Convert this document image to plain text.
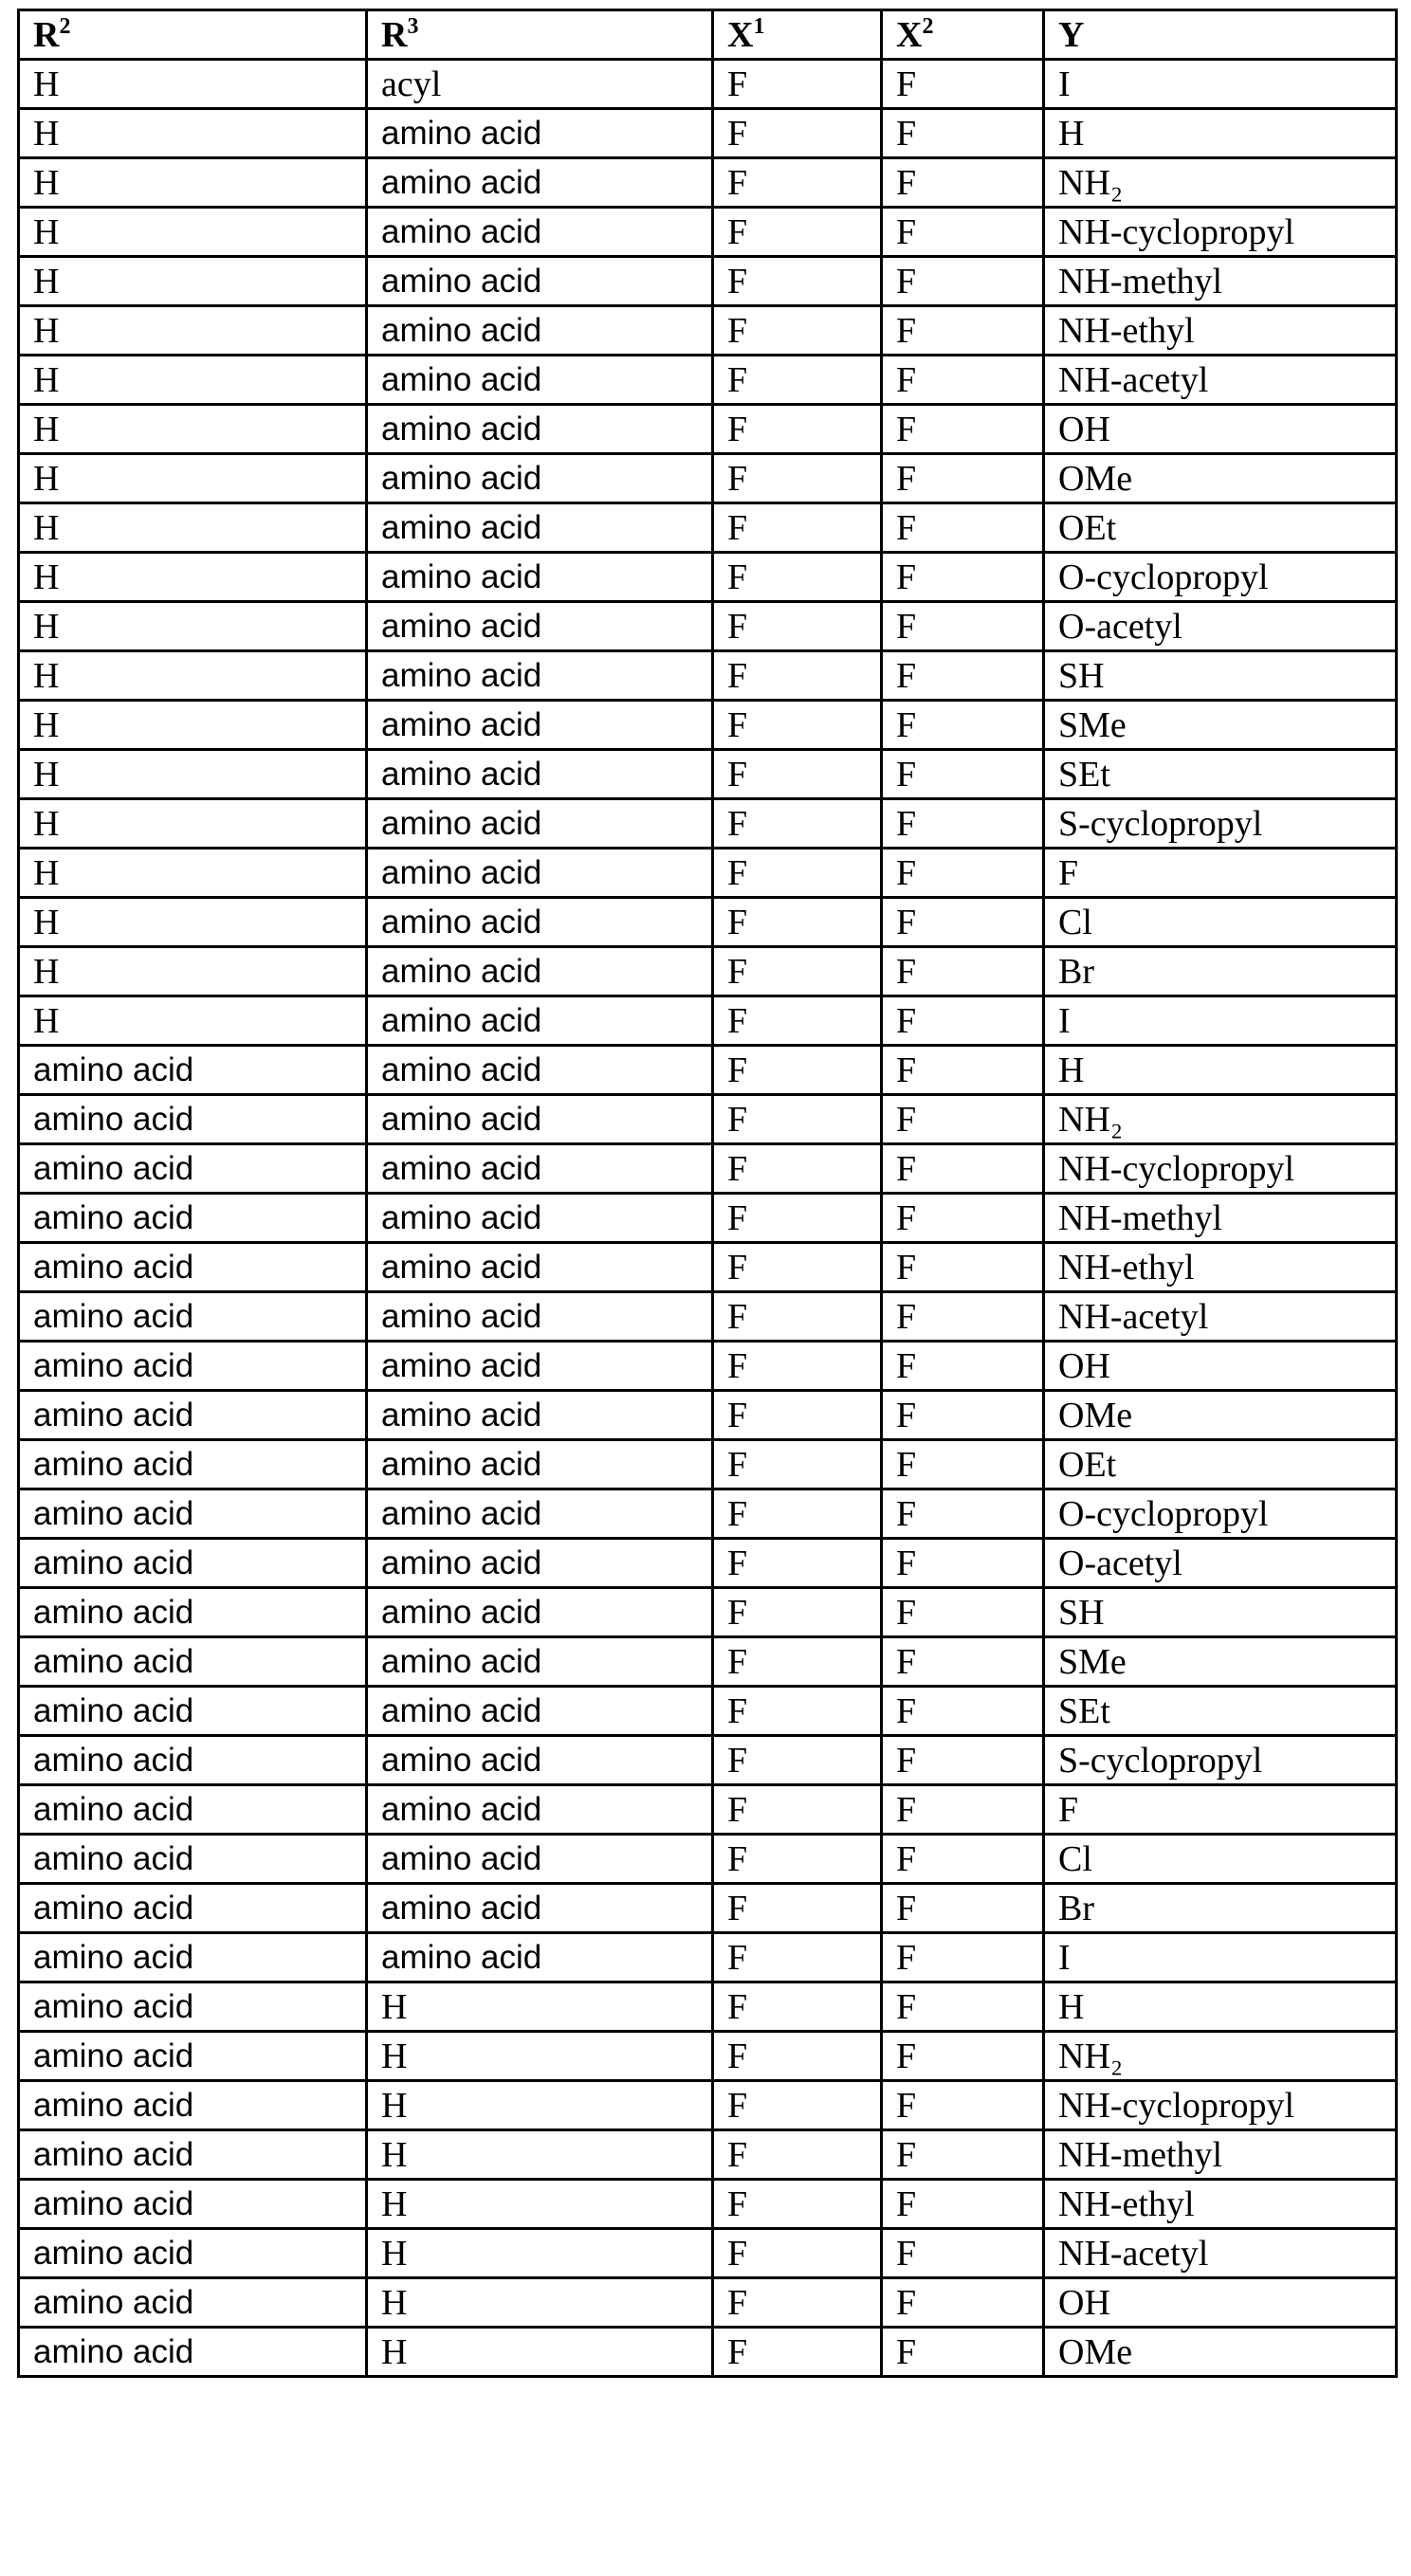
R2	R3	X1	X2	Y
H	acyl	F	F	I
H	amino acid	F	F	H
H	amino acid	F	F	NH₂
H	amino acid	F	F	NH-cyclopropyl
H	amino acid	F	F	NH-methyl
H	amino acid	F	F	NH-ethyl
H	amino acid	F	F	NH-acetyl
H	amino acid	F	F	OH
H	amino acid	F	F	OMe
H	amino acid	F	F	OEt
H	amino acid	F	F	O-cyclopropyl
H	amino acid	F	F	O-acetyl
H	amino acid	F	F	SH
H	amino acid	F	F	SMe
H	amino acid	F	F	SEt
H	amino acid	F	F	S-cyclopropyl
H	amino acid	F	F	F
H	amino acid	F	F	Cl
H	amino acid	F	F	Br
H	amino acid	F	F	I
amino acid	amino acid	F	F	H
amino acid	amino acid	F	F	NH₂
amino acid	amino acid	F	F	NH-cyclopropyl
amino acid	amino acid	F	F	NH-methyl
amino acid	amino acid	F	F	NH-ethyl
amino acid	amino acid	F	F	NH-acetyl
amino acid	amino acid	F	F	OH
amino acid	amino acid	F	F	OMe
amino acid	amino acid	F	F	OEt
amino acid	amino acid	F	F	O-cyclopropyl
amino acid	amino acid	F	F	O-acetyl
amino acid	amino acid	F	F	SH
amino acid	amino acid	F	F	SMe
amino acid	amino acid	F	F	SEt
amino acid	amino acid	F	F	S-cyclopropyl
amino acid	amino acid	F	F	F
amino acid	amino acid	F	F	Cl
amino acid	amino acid	F	F	Br
amino acid	amino acid	F	F	I
amino acid	H	F	F	H
amino acid	H	F	F	NH₂
amino acid	H	F	F	NH-cyclopropyl
amino acid	H	F	F	NH-methyl
amino acid	H	F	F	NH-ethyl
amino acid	H	F	F	NH-acetyl
amino acid	H	F	F	OH
amino acid	H	F	F	OMe
